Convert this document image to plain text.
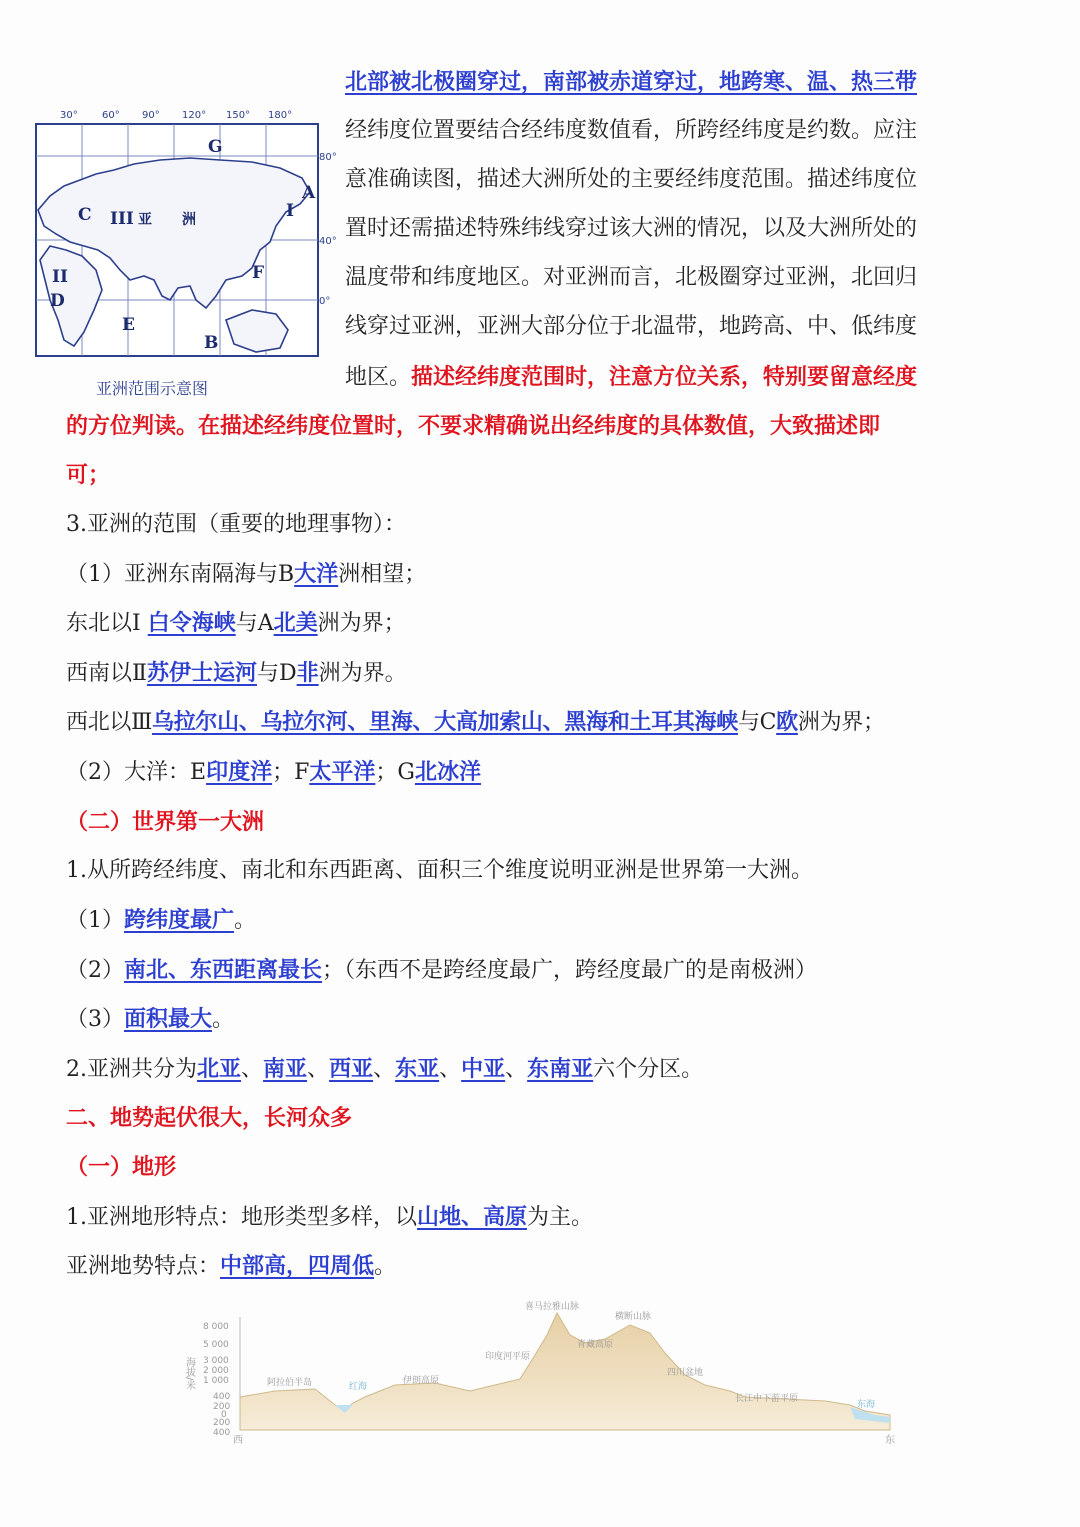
30° 60° 90° 120° 150° 180°
80°
40°
0°
G
A
C III 亚 洲	I
II	F
D
E
B
亚洲范围示意图
北部被北极圈穿过，南部被赤道穿过，地跨寒、温、热三带
经纬度位置要结合经纬度数值看，所跨经纬度是约数。应注
意准确读图，描述大洲所处的主要经纬度范围。描述纬度位
置时还需描述特殊纬线穿过该大洲的情况，以及大洲所处的
温度带和纬度地区。对亚洲而言，北极圈穿过亚洲，北回归
线穿过亚洲，亚洲大部分位于北温带，地跨高、中、低纬度
地区。描述经纬度范围时，注意方位关系，特别要留意经度
的方位判读。在描述经纬度位置时，不要求精确说出经纬度的具体数值，大致描述即
可；
3.亚洲的范围（重要的地理事物）：
（1）亚洲东南隔海与B大洋洲相望；
东北以Ⅰ 白令海峡与A北美洲为界；
西南以Ⅱ苏伊士运河与D非洲为界。
西北以Ⅲ乌拉尔山、乌拉尔河、里海、大高加索山、黑海和土耳其海峡与C欧洲为界；
（2）大洋：E印度洋；F太平洋；G北冰洋
（二）世界第一大洲
1.从所跨经纬度、南北和东西距离、面积三个维度说明亚洲是世界第一大洲。
（1）跨纬度最广。
（2）南北、东西距离最长；（东西不是跨经度最广，跨经度最广的是南极洲）
（3）面积最大。
2.亚洲共分为北亚、南亚、西亚、东亚、中亚、东南亚六个分区。
二、地势起伏很大，长河众多
（一）地形
1.亚洲地形特点：地形类型多样，以山地、高原为主。
亚洲地势特点：中部高，四周低。
8 000
5 000
3 000
2 000
1 000
400
200
0
200
400
海拔/米
喜马拉雅山脉
横断山脉
青藏高原
印度河平原
阿拉伯半岛	伊朗高原
四川盆地
长江中下游平原
红海
东海
西	东
